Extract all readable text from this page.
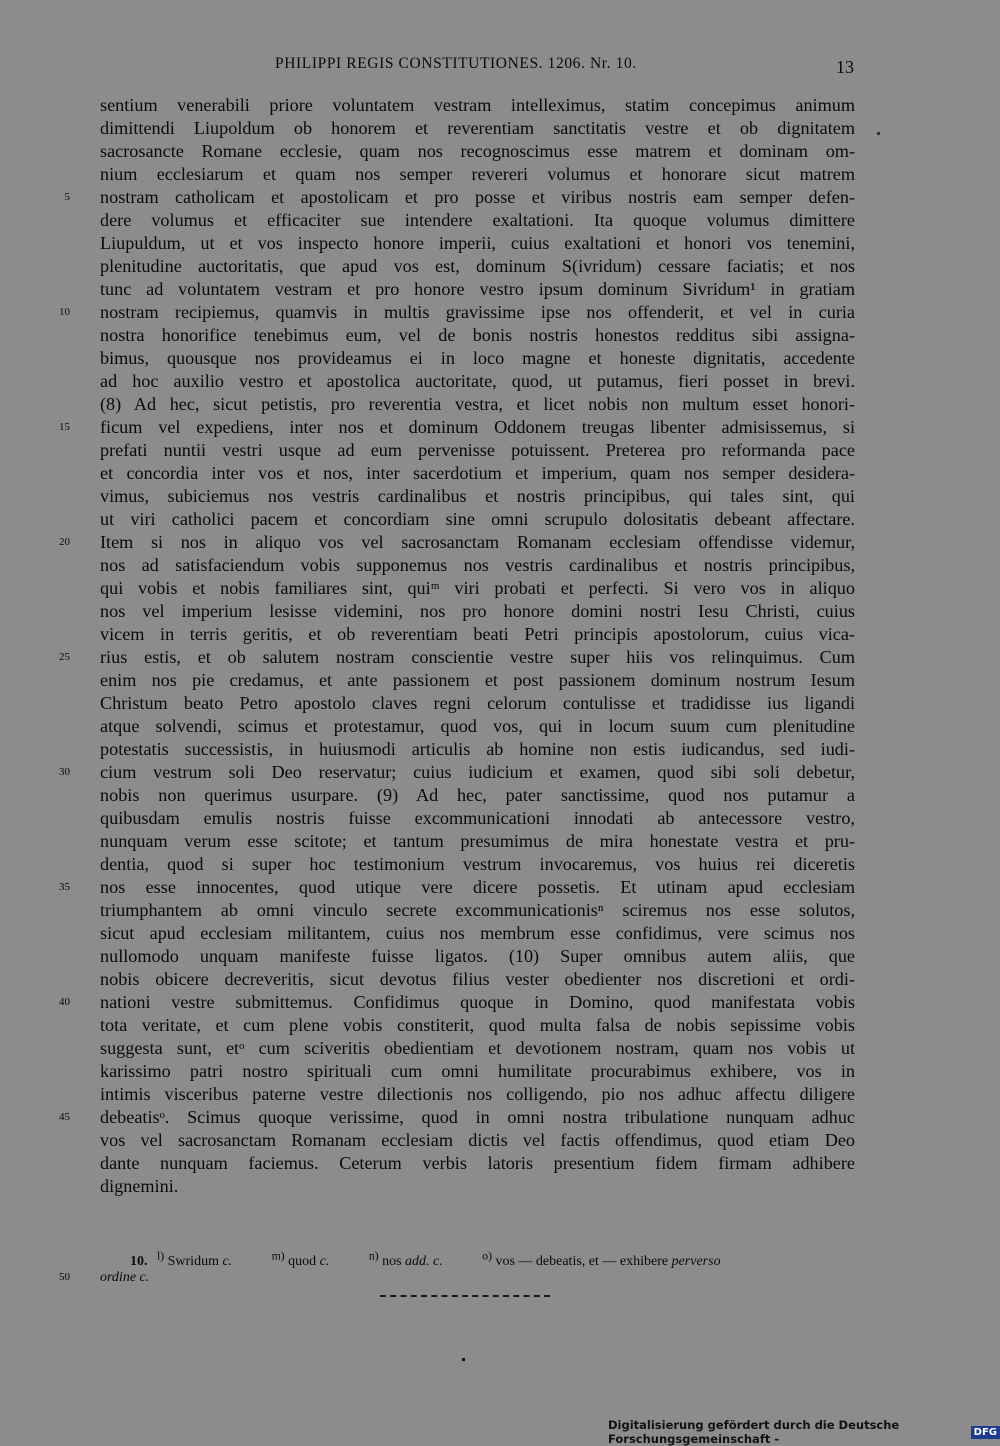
PHILIPPI REGIS CONSTITUTIONES. 1206. Nr. 10.	13
sentium venerabili priore voluntatem vestram intelleximus, statim concepimus animum
dimittendi Liupoldum ob honorem et reverentiam sanctitatis vestre et ob dignitatem
sacrosancte Romane ecclesie, quam nos recognoscimus esse matrem et dominam om-
nium ecclesiarum et quam nos semper revereri volumus et honorare sicut matrem
nostram catholicam et apostolicam et pro posse et viribus nostris eam semper defen-
dere volumus et efficaciter sue intendere exaltationi. Ita quoque volumus dimittere
Liupuldum, ut et vos inspecto honore imperii, cuius exaltationi et honori vos tenemini,
plenitudine auctoritatis, que apud vos est, dominum S(ivridum) cessare faciatis; et nos
tunc ad voluntatem vestram et pro honore vestro ipsum dominum Sivridum¹ in gratiam
nostram recipiemus, quamvis in multis gravissime ipse nos offenderit, et vel in curia
nostra honorifice tenebimus eum, vel de bonis nostris honestos redditus sibi assigna-
bimus, quousque nos provideamus ei in loco magne et honeste dignitatis, accedente
ad hoc auxilio vestro et apostolica auctoritate, quod, ut putamus, fieri posset in brevi.
(8) Ad hec, sicut petistis, pro reverentia vestra, et licet nobis non multum esset honori-
ficum vel expediens, inter nos et dominum Oddonem treugas libenter admisissemus, si
prefati nuntii vestri usque ad eum pervenisse potuissent. Preterea pro reformanda pace
et concordia inter vos et nos, inter sacerdotium et imperium, quam nos semper desidera-
vimus, subiciemus nos vestris cardinalibus et nostris principibus, qui tales sint, qui
ut viri catholici pacem et concordiam sine omni scrupulo dolositatis debeant affectare.
Item si nos in aliquo vos vel sacrosanctam Romanam ecclesiam offendisse videmur,
nos ad satisfaciendum vobis supponemus nos vestris cardinalibus et nostris principibus,
qui vobis et nobis familiares sint, quiᵐ viri probati et perfecti. Si vero vos in aliquo
nos vel imperium lesisse videmini, nos pro honore domini nostri Iesu Christi, cuius
vicem in terris geritis, et ob reverentiam beati Petri principis apostolorum, cuius vica-
rius estis, et ob salutem nostram conscientie vestre super hiis vos relinquimus. Cum
enim nos pie credamus, et ante passionem et post passionem dominum nostrum Iesum
Christum beato Petro apostolo claves regni celorum contulisse et tradidisse ius ligandi
atque solvendi, scimus et protestamur, quod vos, qui in locum suum cum plenitudine
potestatis successistis, in huiusmodi articulis ab homine non estis iudicandus, sed iudi-
cium vestrum soli Deo reservatur; cuius iudicium et examen, quod sibi soli debetur,
nobis non querimus usurpare. (9) Ad hec, pater sanctissime, quod nos putamur a
quibusdam emulis nostris fuisse excommunicationi innodati ab antecessore vestro,
nunquam verum esse scitote; et tantum presumimus de mira honestate vestra et pru-
dentia, quod si super hoc testimonium vestrum invocaremus, vos huius rei diceretis
nos esse innocentes, quod utique vere dicere possetis. Et utinam apud ecclesiam
triumphantem ab omni vinculo secrete excommunicationisⁿ sciremus nos esse solutos,
sicut apud ecclesiam militantem, cuius nos membrum esse confidimus, vere scimus nos
nullomodo unquam manifeste fuisse ligatos. (10) Super omnibus autem aliis, que
nobis obicere decreveritis, sicut devotus filius vester obedienter nos discretioni et ordi-
nationi vestre submittemus. Confidimus quoque in Domino, quod manifestata vobis
tota veritate, et cum plene vobis constiterit, quod multa falsa de nobis sepissime vobis
suggesta sunt, etᵒ cum sciveritis obedientiam et devotionem nostram, quam nos vobis ut
karissimo patri nostro spirituali cum omni humilitate procurabimus exhibere, vos in
intimis visceribus paterne vestre dilectionis nos colligendo, pio nos adhuc affectu diligere
debeatisᵒ. Scimus quoque verissime, quod in omni nostra tribulatione nunquam adhuc
vos vel sacrosanctam Romanam ecclesiam dictis vel factis offendimus, quod etiam Deo
dante nunquam faciemus. Ceterum verbis latoris presentium fidem firmam adhibere
dignemini.
5
10
15
20
25
30
35
40
45
10. $^{l)}$ Swridum c.	$^{m)}$ quod c.	$^{n)}$ nos add. c.	$^{o)}$ vos — debeatis, et — exhibere perverso
50 ordine c.
Digitalisierung gefördert durch die Deutsche Forschungsgemeinschaft -	DFG
